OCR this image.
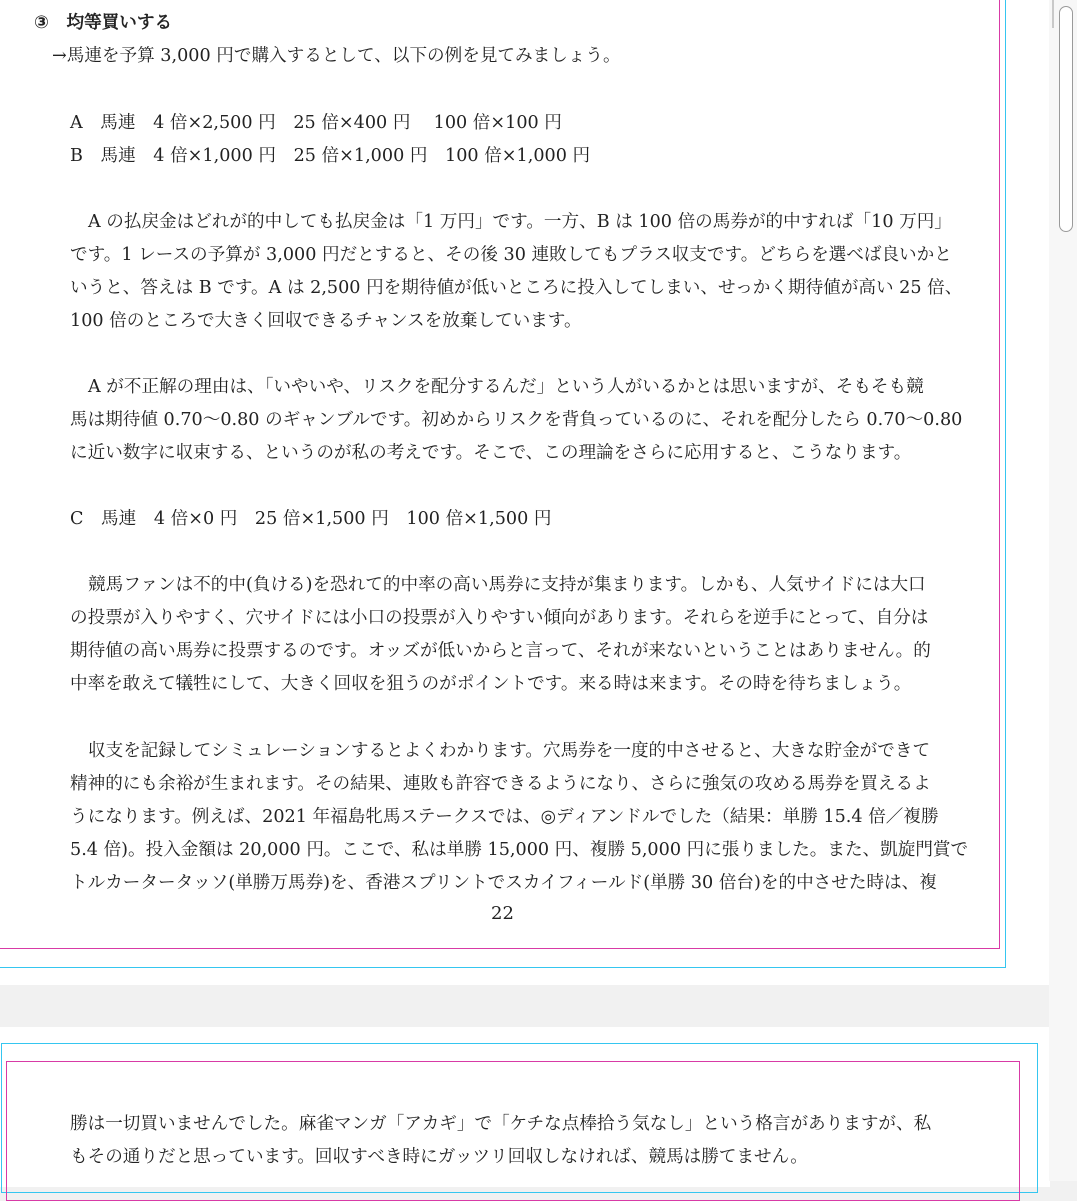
③　均等買いする
→馬連を予算 3,000 円で購入するとして、以下の例を見てみましょう。
A　馬連　4 倍×2,500 円　25 倍×400 円　 100 倍×100 円
B　馬連　4 倍×1,000 円　25 倍×1,000 円　100 倍×1,000 円
A の払戻金はどれが的中しても払戻金は「1 万円」です。一方、B は 100 倍の馬券が的中すれば「10 万円」
です。1 レースの予算が 3,000 円だとすると、その後 30 連敗してもプラス収支です。どちらを選べば良いかと
いうと、答えは B です。A は 2,500 円を期待値が低いところに投入してしまい、せっかく期待値が高い 25 倍、
100 倍のところで大きく回収できるチャンスを放棄しています。
A が不正解の理由は、「いやいや、リスクを配分するんだ」という人がいるかとは思いますが、そもそも競
馬は期待値 0.70～0.80 のギャンブルです。初めからリスクを背負っているのに、それを配分したら 0.70～0.80
に近い数字に収束する、というのが私の考えです。そこで、この理論をさらに応用すると、こうなります。
C　馬連　4 倍×0 円　25 倍×1,500 円　100 倍×1,500 円
競馬ファンは不的中(負ける)を恐れて的中率の高い馬券に支持が集まります。しかも、人気サイドには大口
の投票が入りやすく、穴サイドには小口の投票が入りやすい傾向があります。それらを逆手にとって、自分は
期待値の高い馬券に投票するのです。オッズが低いからと言って、それが来ないということはありません。的
中率を敢えて犠牲にして、大きく回収を狙うのがポイントです。来る時は来ます。その時を待ちましょう。
収支を記録してシミュレーションするとよくわかります。穴馬券を一度的中させると、大きな貯金ができて
精神的にも余裕が生まれます。その結果、連敗も許容できるようになり、さらに強気の攻める馬券を買えるよ
うになります。例えば、2021 年福島牝馬ステークスでは、◎ディアンドルでした（結果：単勝 15.4 倍／複勝
5.4 倍)。投入金額は 20,000 円。ここで、私は単勝 15,000 円、複勝 5,000 円に張りました。また、凱旋門賞で
トルカータータッソ(単勝万馬券)を、香港スプリントでスカイフィールド(単勝 30 倍台)を的中させた時は、複
22
勝は一切買いませんでした。麻雀マンガ「アカギ」で「ケチな点棒拾う気なし」という格言がありますが、私
もその通りだと思っています。回収すべき時にガッツリ回収しなければ、競馬は勝てません。
